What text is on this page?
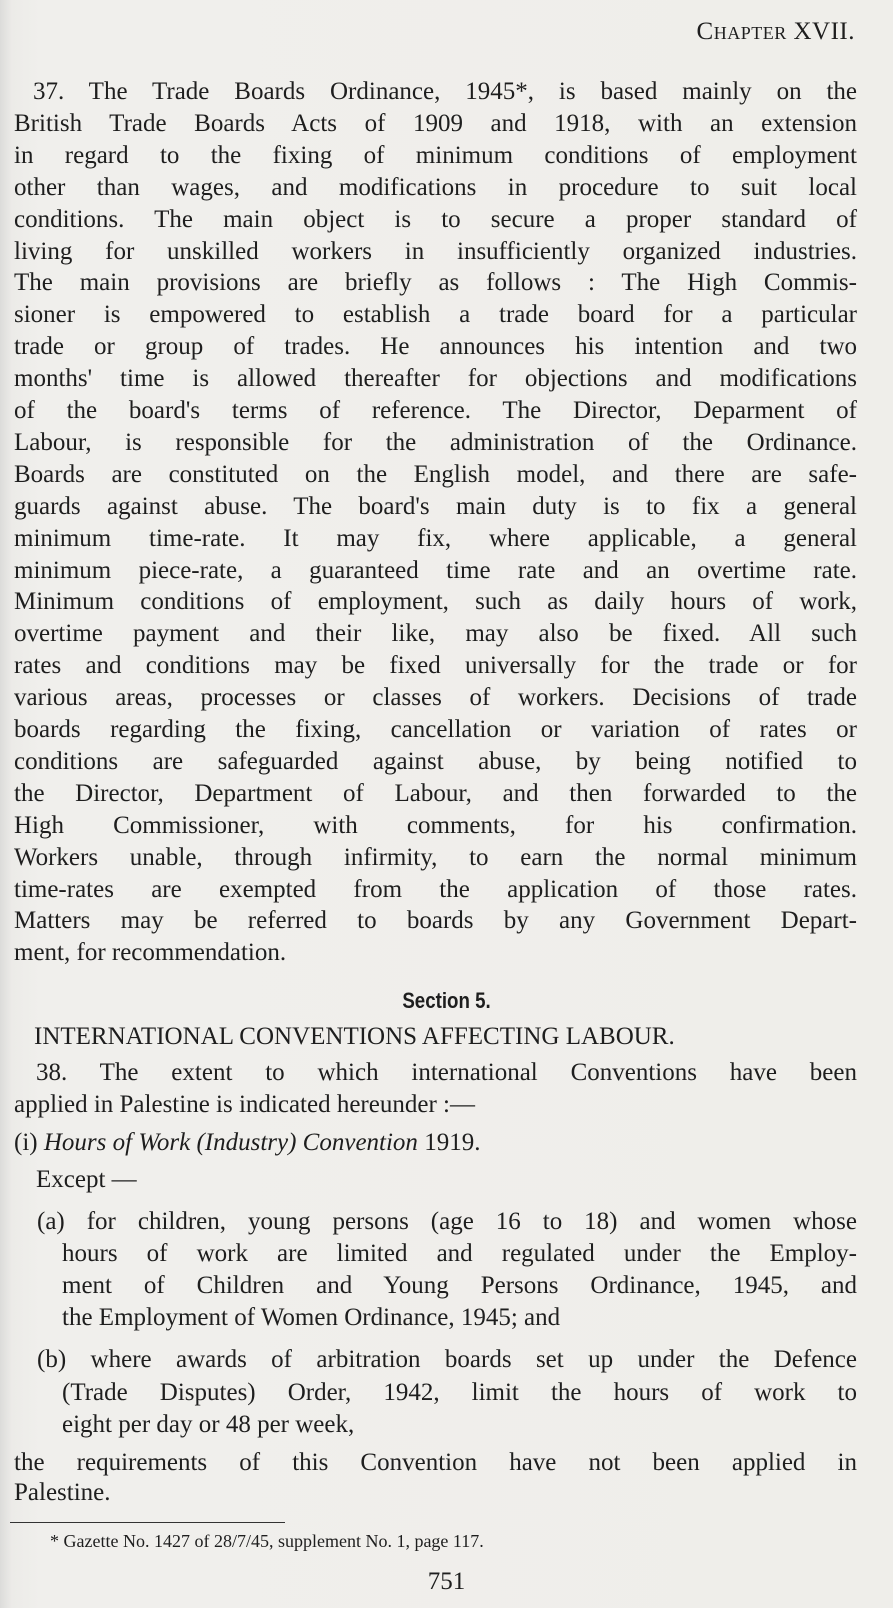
Chapter XVII.
37. The Trade Boards Ordinance, 1945*, is based mainly on the
British Trade Boards Acts of 1909 and 1918, with an extension
in regard to the fixing of minimum conditions of employment
other than wages, and modifications in procedure to suit local
conditions. The main object is to secure a proper standard of
living for unskilled workers in insufficiently organized industries.
The main provisions are briefly as follows : The High Commis-
sioner is empowered to establish a trade board for a particular
trade or group of trades. He announces his intention and two
months' time is allowed thereafter for objections and modifications
of the board's terms of reference. The Director, Deparment of
Labour, is responsible for the administration of the Ordinance.
Boards are constituted on the English model, and there are safe-
guards against abuse. The board's main duty is to fix a general
minimum time-rate. It may fix, where applicable, a general
minimum piece-rate, a guaranteed time rate and an overtime rate.
Minimum conditions of employment, such as daily hours of work,
overtime payment and their like, may also be fixed. All such
rates and conditions may be fixed universally for the trade or for
various areas, processes or classes of workers. Decisions of trade
boards regarding the fixing, cancellation or variation of rates or
conditions are safeguarded against abuse, by being notified to
the Director, Department of Labour, and then forwarded to the
High Commissioner, with comments, for his confirmation.
Workers unable, through infirmity, to earn the normal minimum
time-rates are exempted from the application of those rates.
Matters may be referred to boards by any Government Depart-
ment, for recommendation.
INTERNATIONAL CONVENTIONS AFFECTING LABOUR.
38. The extent to which international Conventions have been
applied in Palestine is indicated hereunder :—
Except —
(a) for children, young persons (age 16 to 18) and women whose
hours of work are limited and regulated under the Employ-
ment of Children and Young Persons Ordinance, 1945, and
the Employment of Women Ordinance, 1945; and
(b) where awards of arbitration boards set up under the Defence
(Trade Disputes) Order, 1942, limit the hours of work to
eight per day or 48 per week,
the requirements of this Convention have not been applied in
Palestine.
Section 5.
(i) Hours of Work (Industry) Convention 1919.
* Gazette No. 1427 of 28/7/45, supplement No. 1, page 117.
751
